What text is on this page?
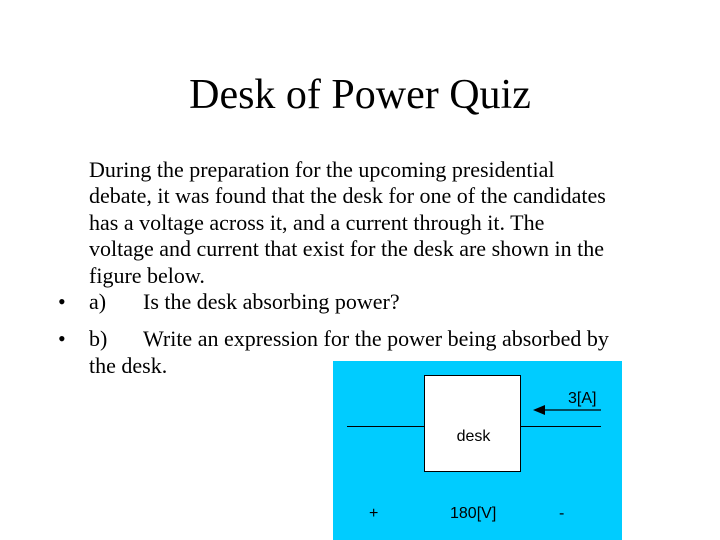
Desk of Power Quiz
During the preparation for the upcoming presidential
debate, it was found that the desk for one of the candidates
has a voltage across it, and a current through it. The
voltage and current that exist for the desk are shown in the
figure below.
• a) Is the desk absorbing power?
• b) Write an expression for the power being absorbed by
the desk.
desk
3[A]
+	180[V]	-
